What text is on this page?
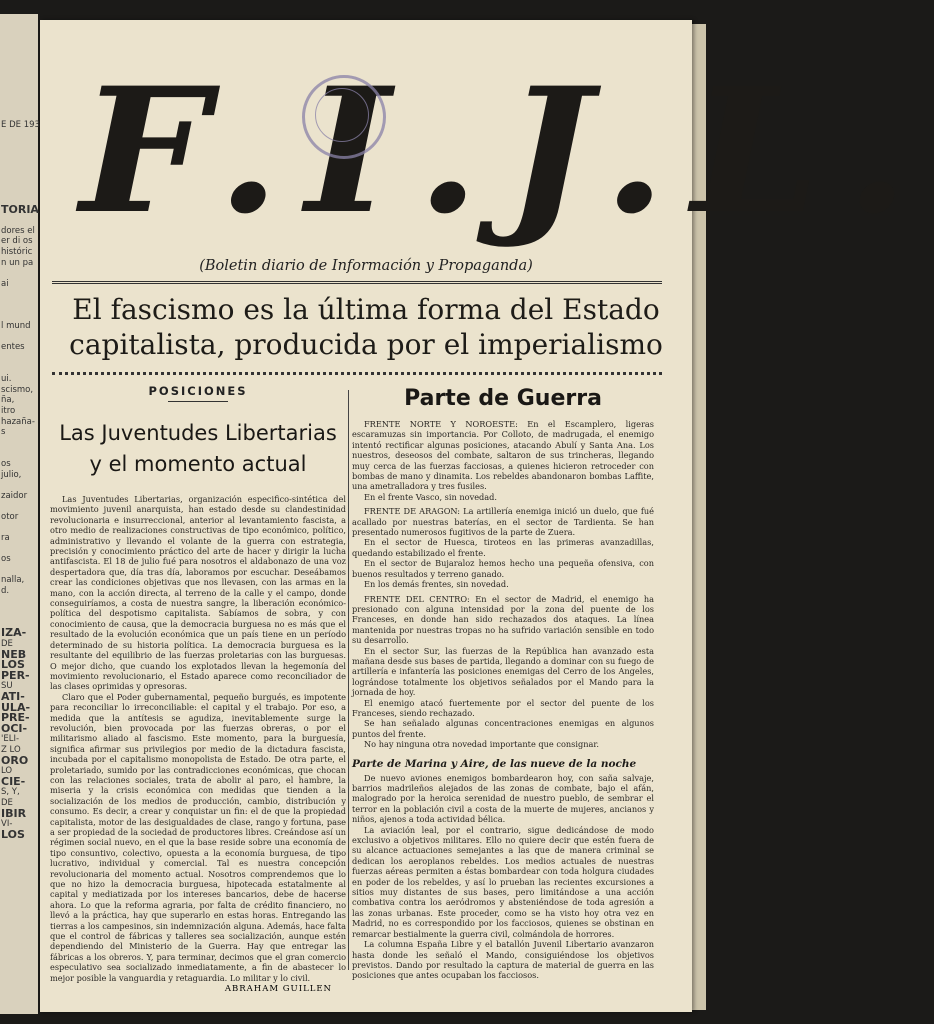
E DE 193

TORIA

dores el
er di os
históric
n un pa

ai

l mund

entes

ui.
scismo,
ña,
itro
hazaña-
s

os
julio,

zaidor

otor

ra

os

nalla,
d.

IZA-
DE
NEB
LOS
PER-
SU
ATI-
ULA-
PRE-
OCI-
'ELI-
Z LO
ORO
LO
CIE-
S, Y,
DE
IBIR
VI-
LOS
F.I.J.L.
(Boletin diario de Información y Propaganda)
El fascismo es la última forma del Estado
capitalista, producida por el imperialismo
POSICIONES
Las Juventudes Libertarias
y el momento actual

Las Juventudes Libertarias, organización especifico-sintética del movimiento juvenil anarquista, han estado desde su clandestinidad revolucionaria e insurreccional, anterior al levantamiento fascista, a otro medio de realizaciones constructivas de tipo económico, político, administrativo y llevando el volante de la guerra con estrategia, precisión y conocimiento práctico del arte de hacer y dirigir la lucha antifascista. El 18 de julio fué para nosotros el aldabonazo de una voz despertadora que, día tras día, laboramos por escuchar. Deseábamos crear las condiciones objetivas que nos llevasen, con las armas en la mano, con la acción directa, al terreno de la calle y el campo, donde conseguiríamos, a costa de nuestra sangre, la liberación económico-política del despotismo capitalista. Sabíamos de sobra, y con conocimiento de causa, que la democracia burguesa no es más que el resultado de la evolución económica que un país tiene en un período determinado de su historia política. La democracia burguesa es la resultante del equilibrio de las fuerzas proletarias con las burguesas. O mejor dicho, que cuando los explotados llevan la hegemonía del movimiento revolucionario, el Estado aparece como reconciliador de las clases oprimidas y opresoras.

Claro que el Poder gubernamental, pequeño burgués, es impotente para reconciliar lo irreconciliable: el capital y el trabajo. Por eso, a medida que la antítesis se agudiza, inevitablemente surge la revolución, bien provocada por las fuerzas obreras, o por el militarismo aliado al fascismo. Este momento, para la burguesía, significa afirmar sus privilegios por medio de la dictadura fascista, incubada por el capitalismo monopolista de Estado. De otra parte, el proletariado, sumido por las contradicciones económicas, que chocan con las relaciones sociales, trata de abolir al paro, el hambre, la miseria y la crisis económica con medidas que tienden a la socialización de los medios de producción, cambio, distribución y consumo. Es decir, a crear y conquistar un fin: el de que la propiedad capitalista, motor de las desigualdades de clase, rango y fortuna, pase a ser propiedad de la sociedad de productores libres. Creándose así un régimen social nuevo, en el que la base reside sobre una economía de tipo consuntivo, colectivo, opuesta a la economía burguesa, de tipo lucrativo, individual y comercial. Tal es nuestra concepción revolucionaria del momento actual. Nosotros comprendemos que lo que no hizo la democracia burguesa, hipotecada estatalmente al capital y mediatizada por los intereses bancarios, debe de hacerse ahora. Lo que la reforma agraria, por falta de crédito financiero, no llevó a la práctica, hay que superarlo en estas horas. Entregando las tierras a los campesinos, sin indemnización alguna. Además, hace falta que el control de fábricas y talleres sea socialización, aunque estén dependiendo del Ministerio de la Guerra. Hay que entregar las fábricas a los obreros. Y, para terminar, decimos que el gran comercio especulativo sea socializado inmediatamente, a fin de abastecer lo mejor posible la vanguardia y retaguardia. Lo militar y lo civil.

ABRAHAM GUILLEN
Parte de Guerra

FRENTE NORTE Y NOROESTE: En el Escamplero, ligeras escaramuzas sin importancia. Por Colloto, de madrugada, el enemigo intentó rectificar algunas posiciones, atacando Abulí y Santa Ana. Los nuestros, deseosos del combate, saltaron de sus trincheras, llegando muy cerca de las fuerzas facciosas, a quienes hicieron retroceder con bombas de mano y dinamita. Los rebeldes abandonaron bombas Laffite, una ametralladora y tres fusiles.

En el frente Vasco, sin novedad.

FRENTE DE ARAGON: La artillería enemiga inició un duelo, que fué acallado por nuestras baterías, en el sector de Tardienta. Se han presentado numerosos fugitivos de la parte de Zuera.

En el sector de Huesca, tiroteos en las primeras avanzadillas, quedando estabilizado el frente.

En el sector de Bujaraloz hemos hecho una pequeña ofensiva, con buenos resultados y terreno ganado.

En los demás frentes, sin novedad.

FRENTE DEL CENTRO: En el sector de Madrid, el enemigo ha presionado con alguna intensidad por la zona del puente de los Franceses, en donde han sido rechazados dos ataques. La línea mantenida por nuestras tropas no ha sufrido variación sensible en todo su desarrollo.

En el sector Sur, las fuerzas de la República han avanzado esta mañana desde sus bases de partida, llegando a dominar con su fuego de artillería e infantería las posiciones enemigas del Cerro de los Angeles, lográndose totalmente los objetivos señalados por el Mando para la jornada de hoy.

El enemigo atacó fuertemente por el sector del puente de los Franceses, siendo rechazado.

Se han señalado algunas concentraciones enemigas en algunos puntos del frente.

No hay ninguna otra novedad importante que consignar.

Parte de Marina y Aire, de las nueve de la noche

De nuevo aviones enemigos bombardearon hoy, con saña salvaje, barrios madrileños alejados de las zonas de combate, bajo el afán, malogrado por la heroica serenidad de nuestro pueblo, de sembrar el terror en la población civil a costa de la muerte de mujeres, ancianos y niños, ajenos a toda actividad bélica.

La aviación leal, por el contrario, sigue dedicándose de modo exclusivo a objetivos militares. Ello no quiere decir que estén fuera de su alcance actuaciones semejantes a las que de manera criminal se dedican los aeroplanos rebeldes. Los medios actuales de nuestras fuerzas aéreas permiten a éstas bombardear con toda holgura ciudades en poder de los rebeldes, y así lo prueban las recientes excursiones a sitios muy distantes de sus bases, pero limitándose a una acción combativa contra los aeródromos y absteniéndose de toda agresión a las zonas urbanas. Este proceder, como se ha visto hoy otra vez en Madrid, no es correspondido por los facciosos, quienes se obstinan en remarcar bestialmente la guerra civil, colmándola de horrores.

La columna España Libre y el batallón Juvenil Libertario avanzaron hasta donde les señaló el Mando, consiguiéndose los objetivos previstos. Dando por resultado la captura de material de guerra en las posiciones que antes ocupaban los facciosos.
